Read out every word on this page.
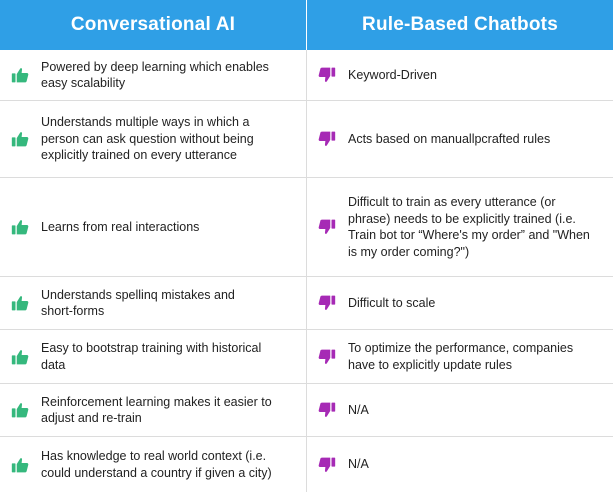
Conversational AI	Rule-Based Chatbots
Powered by deep learning which enables
easy scalability
Keyword-Driven
Understands multiple ways in which a
person can ask question without being
explicitly trained on every utterance
Acts based on manuallpcrafted rules
Learns from real interactions
Difficult to train as every utterance (or
phrase) needs to be explicitly trained (i.e.
Train bot tor “Where's my order” and "When
is my order coming?")
Understands spellinq mistakes and
short-forms
Difficult to scale
Easy to bootstrap training with historical
data
To optimize the performance, companies
have to explicitly update rules
Reinforcement learning makes it easier to
adjust and re-train
N/A
Has knowledge to real world context (i.e.
could understand a country if given a city)
N/A
